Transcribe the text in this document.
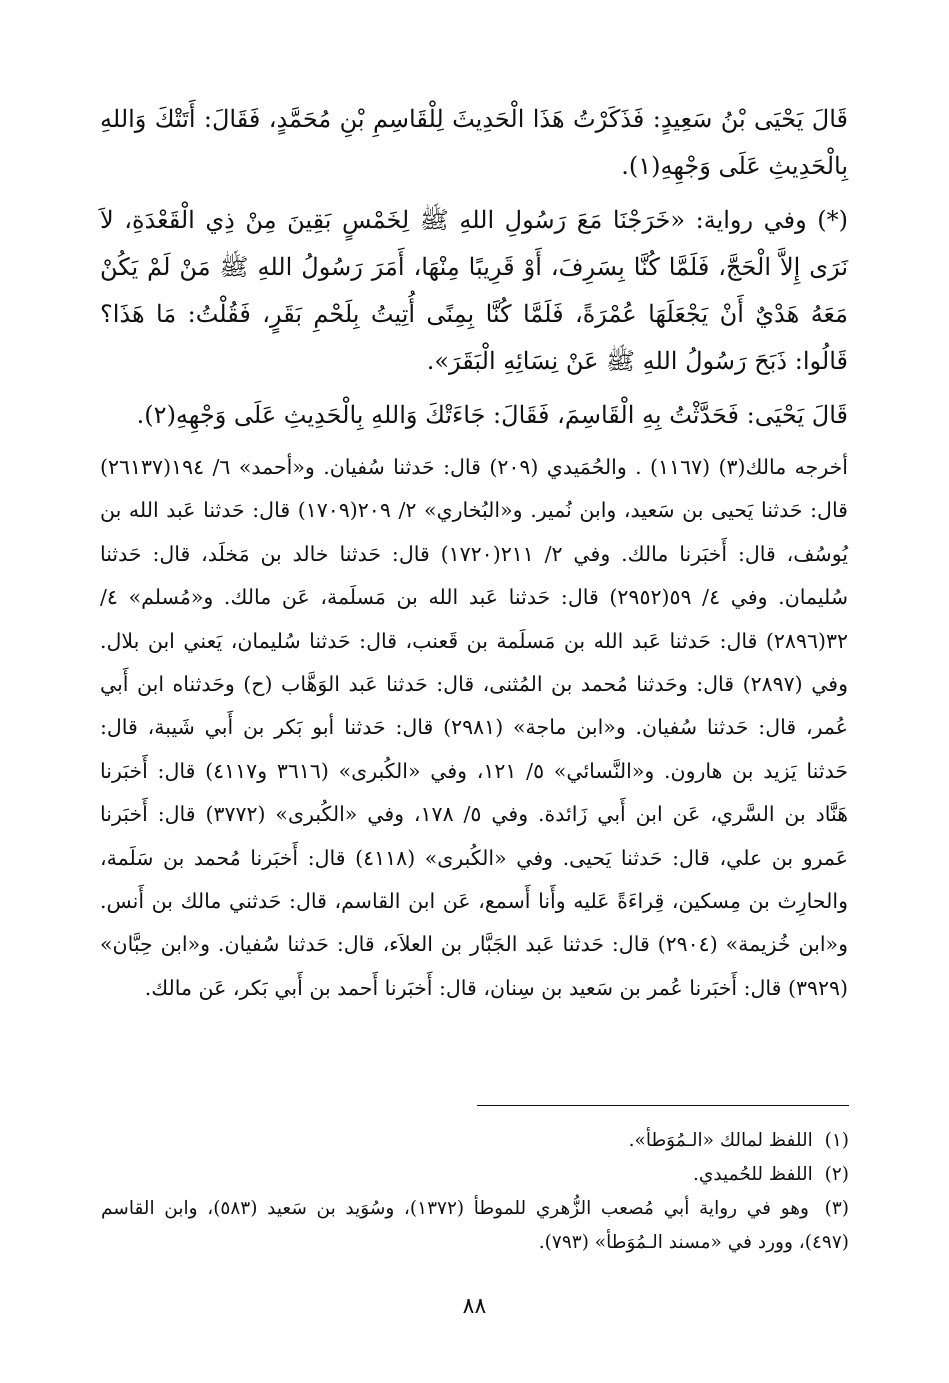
قَالَ يَحْيَى بْنُ سَعِيدٍ: فَذَكَرْتُ هَذَا الْحَدِيثَ لِلْقَاسِمِ بْنِ مُحَمَّدٍ، فَقَالَ: أَتَتْكَ وَاللهِ بِالْحَدِيثِ عَلَى وَجْهِهِ(١).

(*) وفي رواية: «خَرَجْنَا مَعَ رَسُولِ اللهِ ﷺ لِخَمْسٍ بَقِينَ مِنْ ذِي الْقَعْدَةِ، لاَ نَرَى إِلاَّ الْحَجَّ، فَلَمَّا كُنَّا بِسَرِفَ، أَوْ قَرِيبًا مِنْهَا، أَمَرَ رَسُولُ اللهِ ﷺ مَنْ لَمْ يَكُنْ مَعَهُ هَدْيٌ أَنْ يَجْعَلَهَا عُمْرَةً، فَلَمَّا كُنَّا بِمِنًى أُتِيتُ بِلَحْمِ بَقَرٍ، فَقُلْتُ: مَا هَذَا؟ قَالُوا: ذَبَحَ رَسُولُ اللهِ ﷺ عَنْ نِسَائِهِ الْبَقَرَ».

قَالَ يَحْيَى: فَحَدَّثْتُ بِهِ الْقَاسِمَ، فَقَالَ: جَاءَتْكَ وَاللهِ بِالْحَدِيثِ عَلَى وَجْهِهِ(٢).

أخرجه مالك(٣) (١١٦٧) . والحُمَيدي (٢٠٩) قال: حَدثنا سُفيان. و«أحمد» ٦/ ١٩٤(٢٦١٣٧) قال: حَدثنا يَحيى بن سَعيد، وابن نُمير. و«البُخاري» ٢/ ٢٠٩(١٧٠٩) قال: حَدثنا عَبد الله بن يُوسُف، قال: أَخبَرنا مالك. وفي ٢/ ٢١١(١٧٢٠) قال: حَدثنا خالد بن مَخلَد، قال: حَدثنا سُليمان. وفي ٤/ ٥٩(٢٩٥٢) قال: حَدثنا عَبد الله بن مَسلَمة، عَن مالك. و«مُسلم» ٤/ ٣٢(٢٨٩٦) قال: حَدثنا عَبد الله بن مَسلَمة بن قَعنب، قال: حَدثنا سُليمان، يَعني ابن بلال. وفي (٢٨٩٧) قال: وحَدثنا مُحمد بن المُثنى، قال: حَدثنا عَبد الوَهَّاب (ح) وحَدثناه ابن أَبي عُمر، قال: حَدثنا سُفيان. و«ابن ماجة» (٢٩٨١) قال: حَدثنا أبو بَكر بن أَبي شَيبة، قال: حَدثنا يَزيد بن هارون. و«النَّسائي» ٥/ ١٢١، وفي «الكُبرى» (٣٦١٦ و٤١١٧) قال: أَخبَرنا هَنَّاد بن السَّري، عَن ابن أَبي زَائدة. وفي ٥/ ١٧٨، وفي «الكُبرى» (٣٧٧٢) قال: أَخبَرنا عَمرو بن علي، قال: حَدثنا يَحيى. وفي «الكُبرى» (٤١١٨) قال: أَخبَرنا مُحمد بن سَلَمة، والحارِث بن مِسكين، قِراءَةً عَليه وأَنا أَسمع، عَن ابن القاسم، قال: حَدثني مالك بن أَنس. و«ابن خُزيمة» (٢٩٠٤) قال: حَدثنا عَبد الجَبَّار بن العلاَء، قال: حَدثنا سُفيان. و«ابن حِبَّان» (٣٩٢٩) قال: أَخبَرنا عُمر بن سَعيد بن سِنان، قال: أَخبَرنا أَحمد بن أَبي بَكر، عَن مالك.

(١) اللفظ لمالك «الـمُوَطأ».

(٢) اللفظ للحُميدي.

(٣) وهو في رواية أبي مُصعب الزُّهري للموطأ (١٣٧٢)، وسُوَيد بن سَعيد (٥٨٣)، وابن القاسم (٤٩٧)، وورد في «مسند الـمُوَطأ» (٧٩٣).

٨٨
